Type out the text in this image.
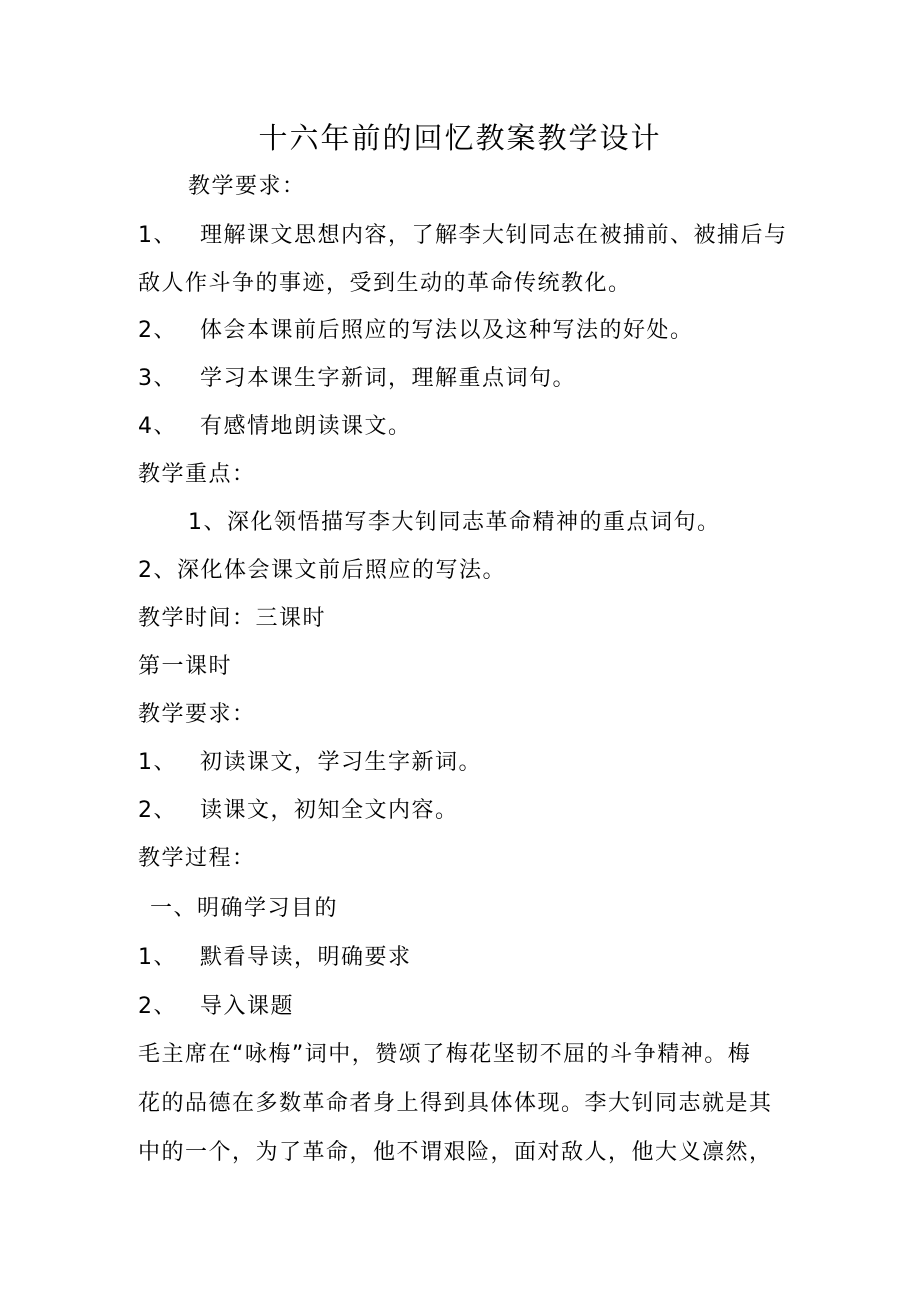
十六年前的回忆教案教学设计
教学要求：
1、 理解课文思想内容，了解李大钊同志在被捕前、被捕后与
敌人作斗争的事迹，受到生动的革命传统教化。
2、 体会本课前后照应的写法以及这种写法的好处。
3、 学习本课生字新词，理解重点词句。
4、 有感情地朗读课文。
教学重点：
1、深化领悟描写李大钊同志革命精神的重点词句。
2、深化体会课文前后照应的写法。
教学时间：三课时
第一课时
教学要求：
1、 初读课文，学习生字新词。
2、 读课文，初知全文内容。
教学过程：
一、明确学习目的
1、 默看导读，明确要求
2、 导入课题
毛主席在“咏梅”词中，赞颂了梅花坚韧不屈的斗争精神。梅
花的品德在多数革命者身上得到具体体现。李大钊同志就是其
中的一个，为了革命，他不谓艰险，面对敌人，他大义凛然，
